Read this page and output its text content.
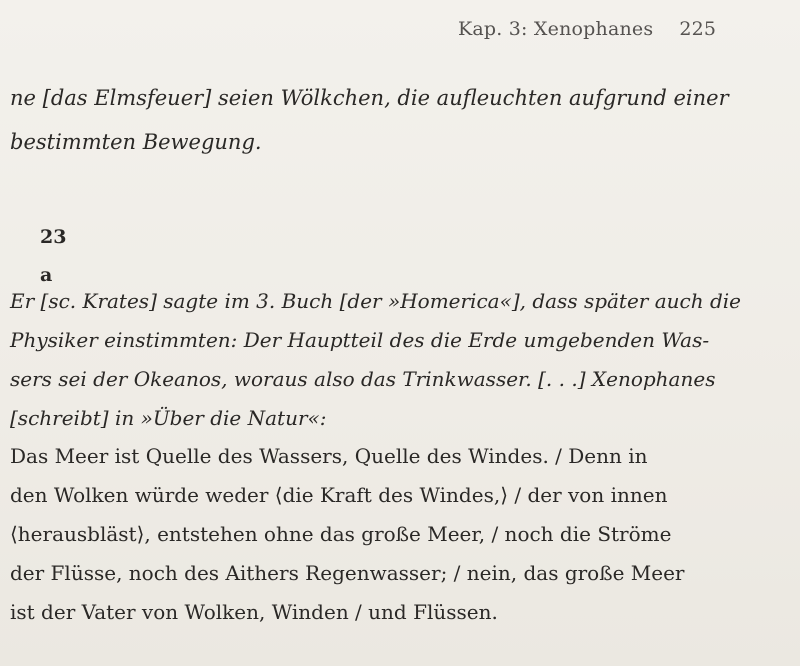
Kap. 3: Xenophanes 225
ne [das Elmsfeuer] seien Wölkchen, die aufleuchten aufgrund einer
bestimmten Bewegung.
23
a
Er [sc. Krates] sagte im 3. Buch [der »Homerica«], dass später auch die
Physiker einstimmten: Der Hauptteil des die Erde umgebenden Was-
sers sei der Okeanos, woraus also das Trinkwasser. [. . .] Xenophanes
[schreibt] in »Über die Natur«:
Das Meer ist Quelle des Wassers, Quelle des Windes. / Denn in
den Wolken würde weder ⟨die Kraft des Windes,⟩ / der von innen
⟨herausbläst⟩, entstehen ohne das große Meer, / noch die Ströme
der Flüsse, noch des Aithers Regenwasser; / nein, das große Meer
ist der Vater von Wolken, Winden / und Flüssen.
